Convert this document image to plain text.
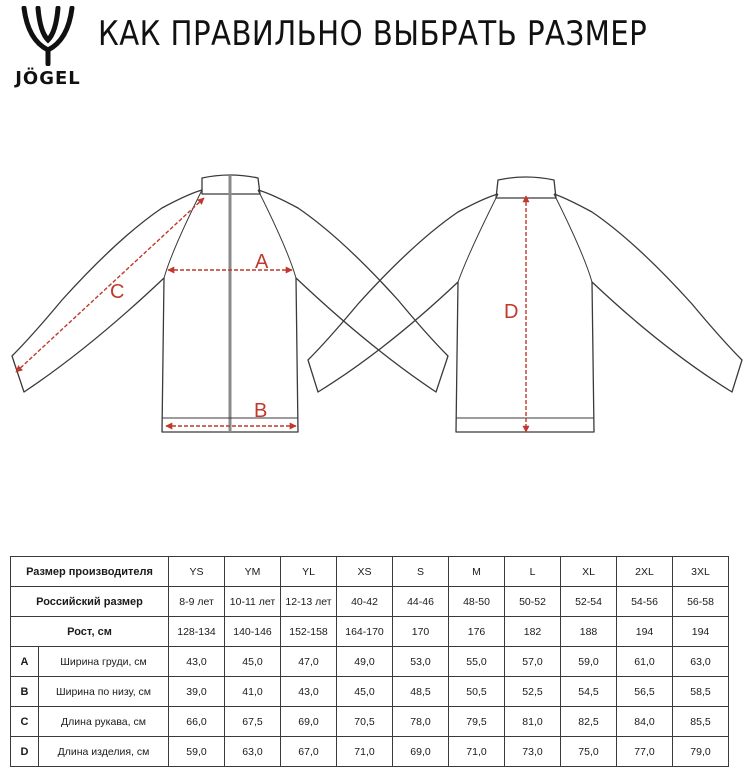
JÖGEL
КАК ПРАВИЛЬНО ВЫБРАТЬ РАЗМЕР
A
B
C
D
Размер производителя		YS	YM	YL	XS	S	M	L	XL	2XL	3XL
Российский размер		8-9 лет	10-11 лет	12-13 лет	40-42	44-46	48-50	50-52	52-54	54-56	56-58
Рост, см		128-134	140-146	152-158	164-170	170	176	182	188	194	194
A	Ширина груди, см	43,0	45,0	47,0	49,0	53,0	55,0	57,0	59,0	61,0	63,0
B	Ширина по низу, см	39,0	41,0	43,0	45,0	48,5	50,5	52,5	54,5	56,5	58,5
C	Длина рукава, см	66,0	67,5	69,0	70,5	78,0	79,5	81,0	82,5	84,0	85,5
D	Длина изделия, см	59,0	63,0	67,0	71,0	69,0	71,0	73,0	75,0	77,0	79,0
